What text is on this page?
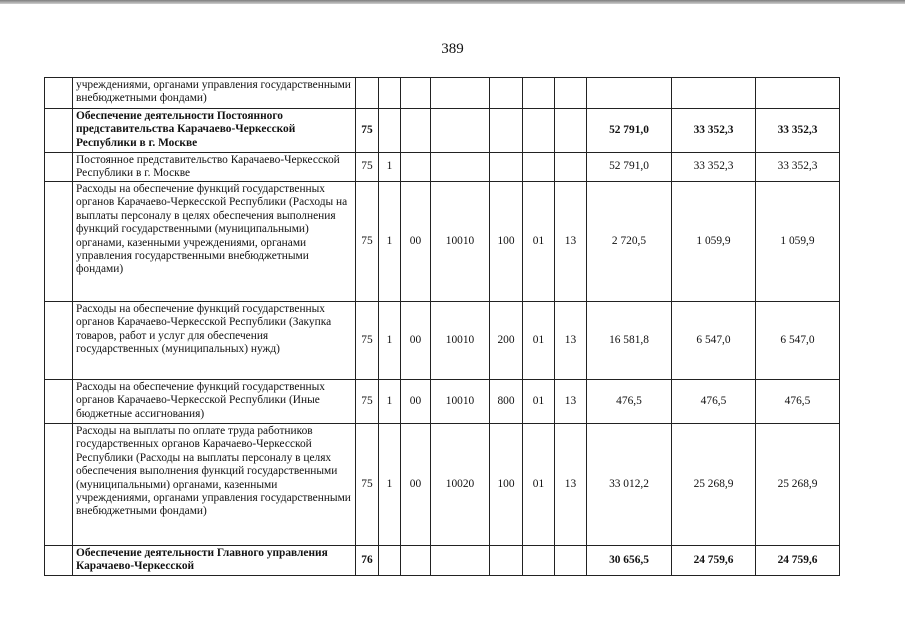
389
	учреждениями, органами управления государственными внебюджетными фондами)										
	Обеспечение деятельности Постоянного представительства Карачаево-Черкесской Республики в г. Москве	75							52 791,0	33 352,3	33 352,3
	Постоянное представительство Карачаево-Черкесской Республики в г. Москве	75	1						52 791,0	33 352,3	33 352,3
	Расходы на обеспечение функций государственных органов Карачаево-Черкесской Республики (Расходы на выплаты персоналу в целях обеспечения выполнения функций государственными (муниципальными) органами, казенными учреждениями, органами управления государственными внебюджетными фондами)	75	1	00	10010	100	01	13	2 720,5	1 059,9	1 059,9
	Расходы на обеспечение функций государственных органов Карачаево-Черкесской Республики (Закупка товаров, работ и услуг для обеспечения государственных (муниципальных) нужд)	75	1	00	10010	200	01	13	16 581,8	6 547,0	6 547,0
	Расходы на обеспечение функций государственных органов Карачаево-Черкесской Республики (Иные бюджетные ассигнования)	75	1	00	10010	800	01	13	476,5	476,5	476,5
	Расходы на выплаты по оплате труда работников государственных органов Карачаево-Черкесской Республики (Расходы на выплаты персоналу в целях обеспечения выполнения функций государственными (муниципальными) органами, казенными учреждениями, органами управления государственными внебюджетными фондами)	75	1	00	10020	100	01	13	33 012,2	25 268,9	25 268,9
	Обеспечение деятельности Главного управления Карачаево-Черкесской	76							30 656,5	24 759,6	24 759,6
